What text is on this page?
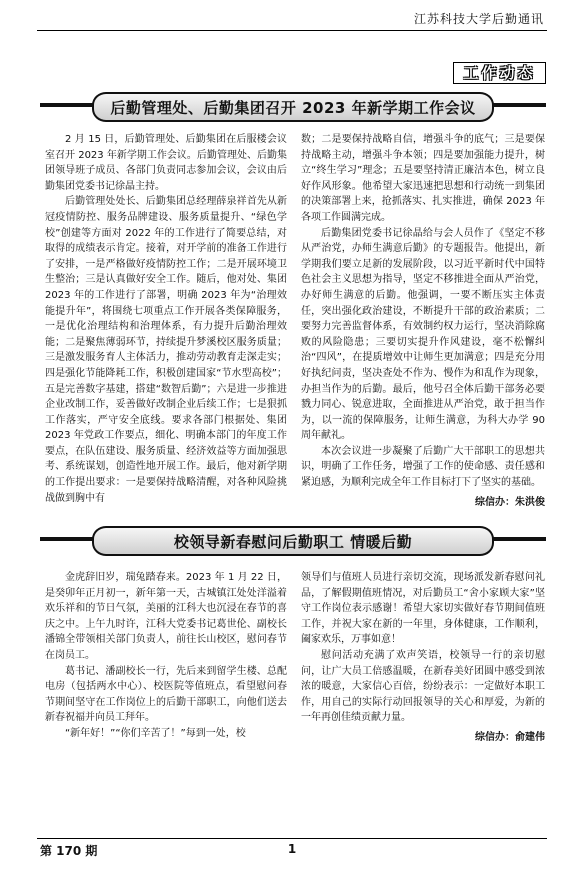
江苏科技大学后勤通讯
工作动态
后勤管理处、后勤集团召开 2023 年新学期工作会议

2 月 15 日，后勤管理处、后勤集团在后服楼会议室召开 2023 年新学期工作会议。后勤管理处、后勤集团领导班子成员、各部门负责同志参加会议，会议由后勤集团党委书记徐晶主持。

后勤管理处处长、后勤集团总经理薛泉祥首先从新冠疫情防控、服务品牌建设、服务质量提升、“绿色学校”创建等方面对 2022 年的工作进行了简要总结，对取得的成绩表示肯定。接着，对开学前的准备工作进行了安排，一是严格做好疫情防控工作；二是开展环境卫生整治；三是认真做好安全工作。随后，他对处、集团 2023 年的工作进行了部署，明确 2023 年为“治理效能提升年”，将围绕七项重点工作开展各类保障服务，一是优化治理结构和治理体系，有力提升后勤治理效能；二是聚焦薄弱环节，持续提升梦溪校区服务质量；三是激发服务育人主体活力，推动劳动教育走深走实；四是强化节能降耗工作，积极创建国家“节水型高校”；五是完善数字基建，搭建“数智后勤”；六是进一步推进企业改制工作，妥善做好改制企业后续工作；七是狠抓工作落实，严守安全底线。要求各部门根据处、集团 2023 年党政工作要点，细化、明确本部门的年度工作要点，在队伍建设、服务质量、经济效益等方面加强思考、系统谋划，创造性地开展工作。最后，他对新学期的工作提出要求：一是要保持战略清醒，对各种风险挑战做到胸中有

数；二是要保持战略自信，增强斗争的底气；三是要保持战略主动，增强斗争本领；四是要加强能力提升，树立“终生学习”理念；五是要坚持清正廉洁本色，树立良好作风形象。他希望大家迅速把思想和行动统一到集团的决策部署上来，抢抓落实、扎实推进，确保 2023 年各项工作圆满完成。

后勤集团党委书记徐晶给与会人员作了《坚定不移从严治党，办师生满意后勤》的专题报告。他提出，新学期我们要立足新的发展阶段，以习近平新时代中国特色社会主义思想为指导，坚定不移推进全面从严治党，办好师生满意的后勤。他强调，一要不断压实主体责任，突出强化政治建设，不断提升干部的政治素质；二要努力完善监督体系，有效制约权力运行，坚决消除腐败的风险隐患；三要切实提升作风建设，毫不松懈纠治“四风”，在提质增效中让师生更加满意；四是充分用好执纪问责，坚决查处不作为、慢作为和乱作为现象，办担当作为的后勤。最后，他号召全体后勤干部务必要戮力同心、锐意进取，全面推进从严治党，敢于担当作为，以一流的保障服务，让师生满意，为科大办学 90 周年献礼。

本次会议进一步凝聚了后勤广大干部职工的思想共识，明确了工作任务，增强了工作的使命感、责任感和紧迫感，为顺利完成全年工作目标打下了坚实的基础。

综信办：朱洪俊

校领导新春慰问后勤职工 情暖后勤

金虎辞旧岁，瑞兔踏春来。2023 年 1 月 22 日，是癸卯年正月初一，新年第一天，古城镇江处处洋溢着欢乐祥和的节日气氛，美丽的江科大也沉浸在春节的喜庆之中。上午九时许，江科大党委书记葛世伦、副校长潘锦全带领相关部门负责人，前往长山校区，慰问春节在岗员工。

葛书记、潘副校长一行，先后来到留学生楼、总配电房（包括两水中心）、校医院等值班点，看望慰问春节期间坚守在工作岗位上的后勤干部职工，向他们送去新春祝福并向员工拜年。

“新年好！”“你们辛苦了！”每到一处，校

领导们与值班人员进行亲切交流，现场派发新春慰问礼品，了解假期值班情况，对后勤员工“舍小家顾大家”坚守工作岗位表示感谢！希望大家切实做好春节期间值班工作，并祝大家在新的一年里，身体健康，工作顺利，阖家欢乐，万事如意！

慰问活动充满了欢声笑语，校领导一行的亲切慰问，让广大员工倍感温暖，在新春美好团圆中感受到浓浓的暖意，大家信心百倍，纷纷表示：一定做好本职工作，用自己的实际行动回报领导的关心和厚爱，为新的一年再创佳绩贡献力量。

综信办：俞建伟

第 170 期	1
